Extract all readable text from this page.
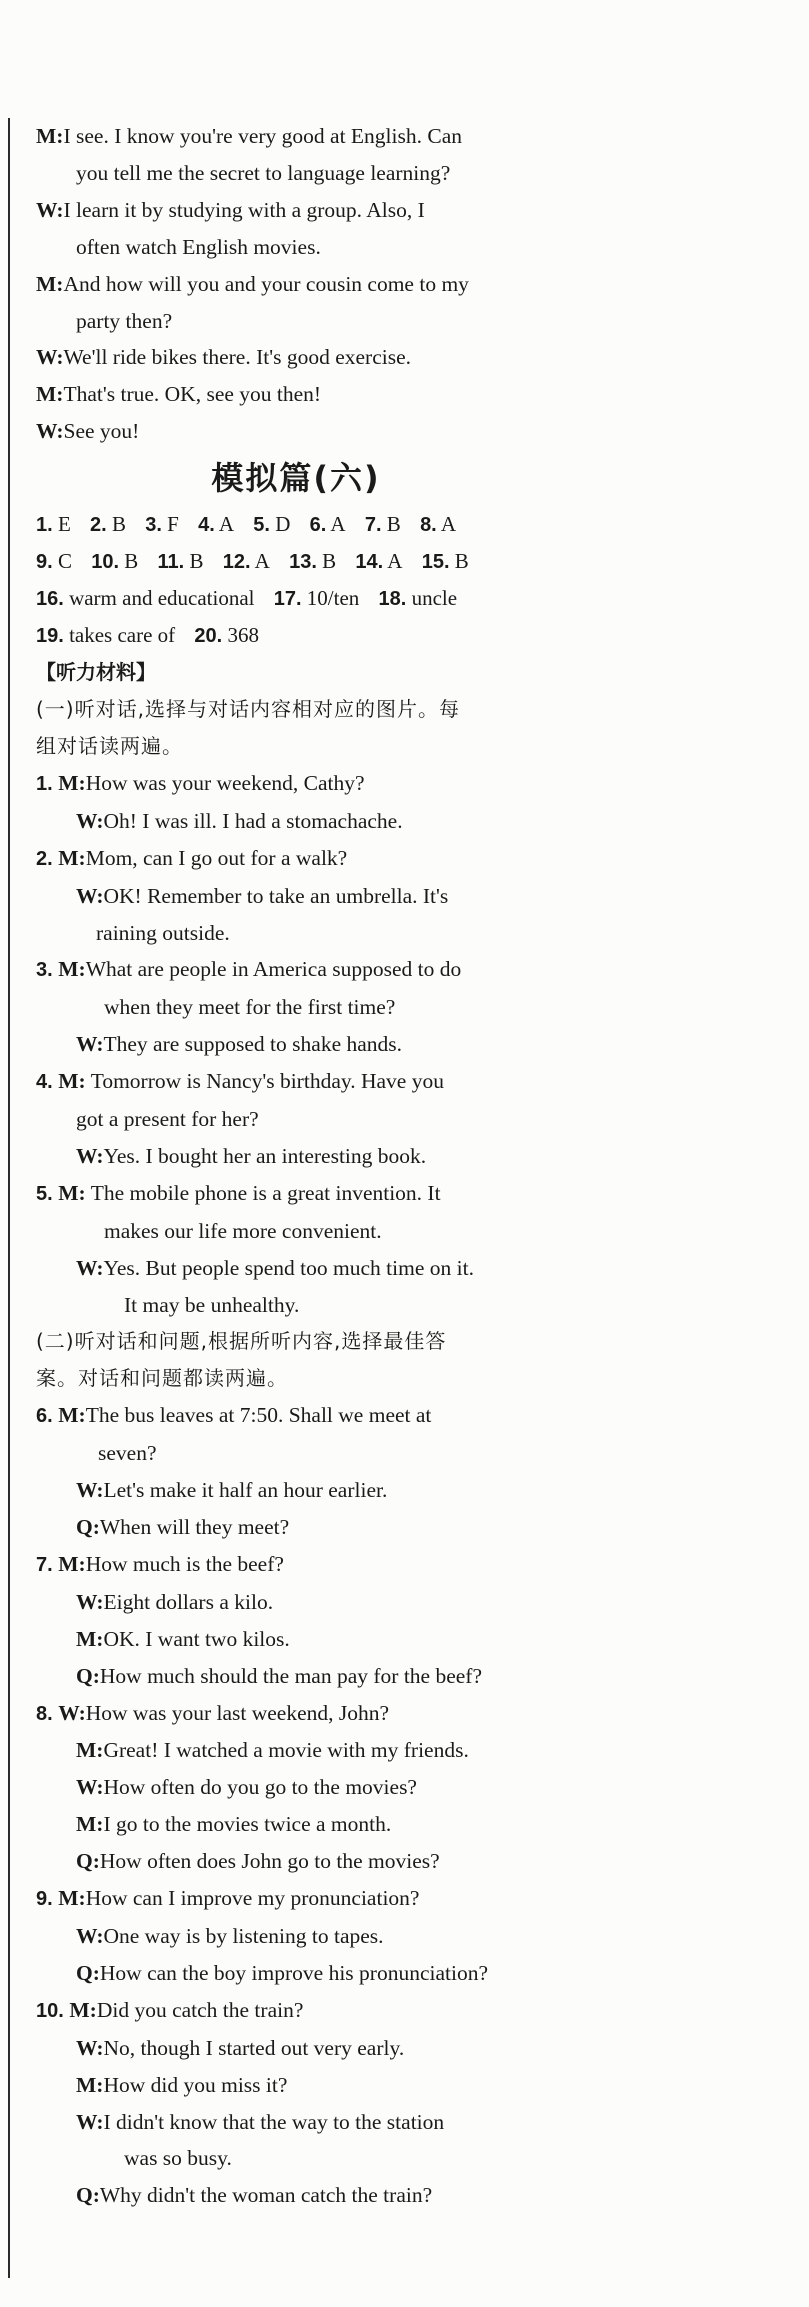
M:I see. I know you're very good at English. Can
you tell me the secret to language learning?
W:I learn it by studying with a group. Also, I
often watch English movies.
M:And how will you and your cousin come to my
party then?
W:We'll ride bikes there. It's good exercise.
M:That's true. OK, see you then!
W:See you!
模拟篇(六)
1. E 2. B 3. F 4. A 5. D 6. A 7. B 8. A
9. C 10. B 11. B 12. A 13. B 14. A 15. B
16. warm and educational 17. 10/ten 18. uncle
19. takes care of 20. 368
【听力材料】
(一)听对话,选择与对话内容相对应的图片。每
组对话读两遍。
1. M:How was your weekend, Cathy?
W:Oh! I was ill. I had a stomachache.
2. M:Mom, can I go out for a walk?
W:OK! Remember to take an umbrella. It's
raining outside.
3. M:What are people in America supposed to do
when they meet for the first time?
W:They are supposed to shake hands.
4. M: Tomorrow is Nancy's birthday. Have you
got a present for her?
W:Yes. I bought her an interesting book.
5. M: The mobile phone is a great invention. It
makes our life more convenient.
W:Yes. But people spend too much time on it.
It may be unhealthy.
(二)听对话和问题,根据所听内容,选择最佳答
案。对话和问题都读两遍。
6. M:The bus leaves at 7:50. Shall we meet at
seven?
W:Let's make it half an hour earlier.
Q:When will they meet?
7. M:How much is the beef?
W:Eight dollars a kilo.
M:OK. I want two kilos.
Q:How much should the man pay for the beef?
8. W:How was your last weekend, John?
M:Great! I watched a movie with my friends.
W:How often do you go to the movies?
M:I go to the movies twice a month.
Q:How often does John go to the movies?
9. M:How can I improve my pronunciation?
W:One way is by listening to tapes.
Q:How can the boy improve his pronunciation?
10. M:Did you catch the train?
W:No, though I started out very early.
M:How did you miss it?
W:I didn't know that the way to the station
was so busy.
Q:Why didn't the woman catch the train?
